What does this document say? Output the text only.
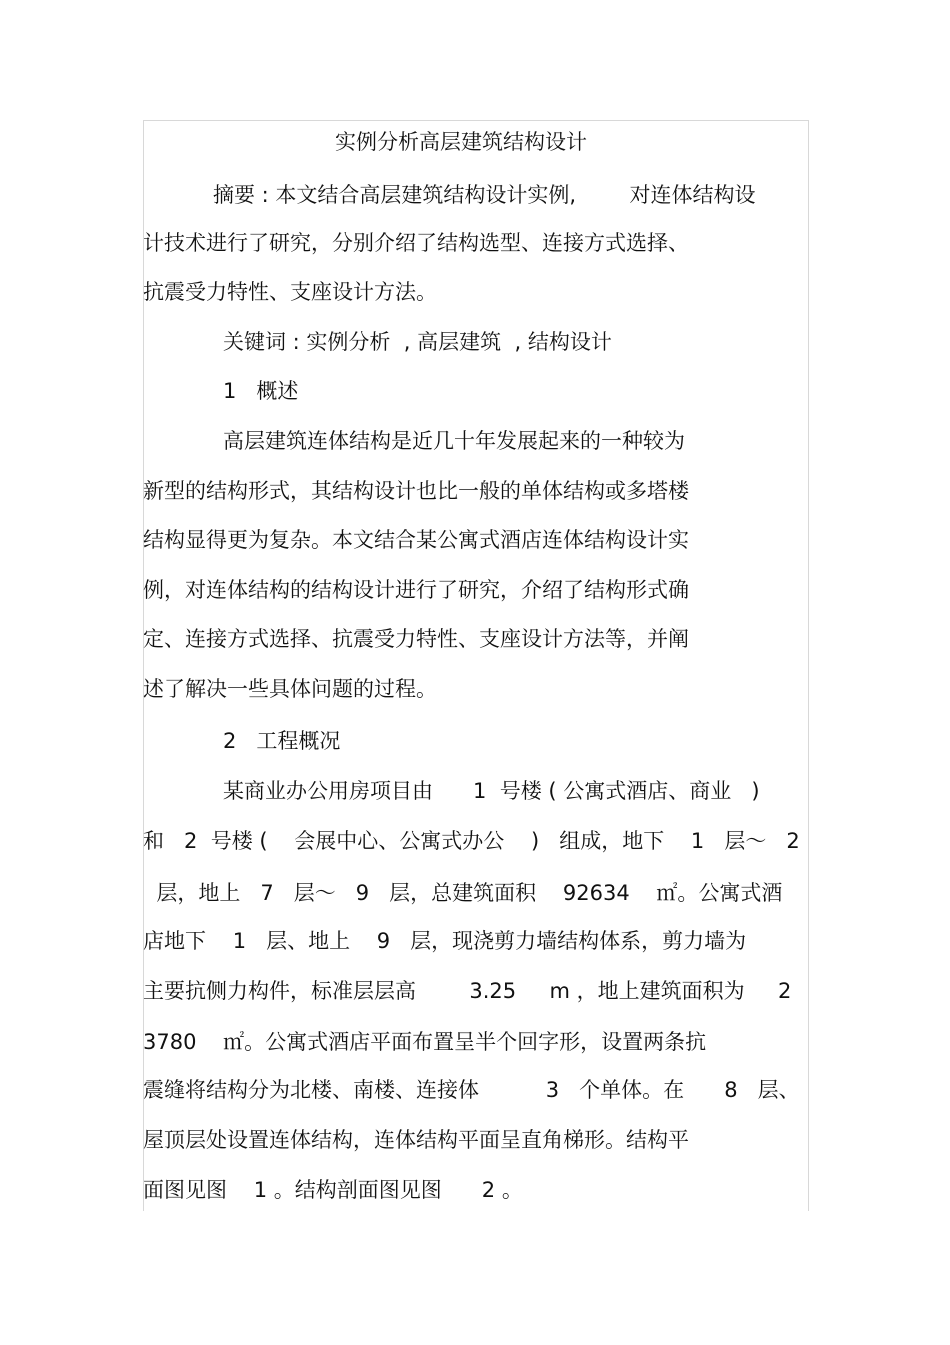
实例分析高层建筑结构设计
摘要 : 本文结合高层建筑结构设计实例,        对连体结构设
计技术进行了研究，分别介绍了结构选型、连接方式选择、
抗震受力特性、支座设计方法。
关键词 : 实例分析  , 高层建筑  , 结构设计
1   概述
高层建筑连体结构是近几十年发展起来的一种较为
新型的结构形式，其结构设计也比一般的单体结构或多塔楼
结构显得更为复杂。本文结合某公寓式酒店连体结构设计实
例，对连体结构的结构设计进行了研究，介绍了结构形式确
定、连接方式选择、抗震受力特性、支座设计方法等，并阐
述了解决一些具体问题的过程。
2   工程概况
某商业办公用房项目由      1  号楼 ( 公寓式酒店、商业   )
和   2  号楼 (    会展中心、公寓式办公    )   组成，地下    1   层～   2
层，地上   7   层～   9   层，总建筑面积    92634    ㎡。公寓式酒
店地下    1   层、地上    9   层，现浇剪力墙结构体系，剪力墙为
主要抗侧力构件，标准层层高        3.25     m ，地上建筑面积为     2
3780    ㎡。公寓式酒店平面布置呈半个回字形，设置两条抗
震缝将结构分为北楼、南楼、连接体          3   个单体。在      8   层、
屋顶层处设置连体结构，连体结构平面呈直角梯形。结构平
面图见图    1 。结构剖面图见图      2 。
